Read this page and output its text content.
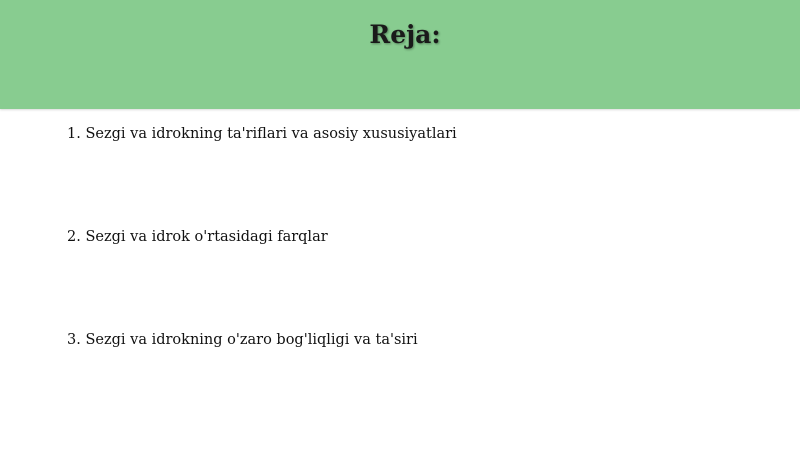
Reja:
1. Sezgi va idrokning ta'riflari va asosiy xususiyatlari
2. Sezgi va idrok o'rtasidagi farqlar
3. Sezgi va idrokning o'zaro bog'liqligi va ta'siri
